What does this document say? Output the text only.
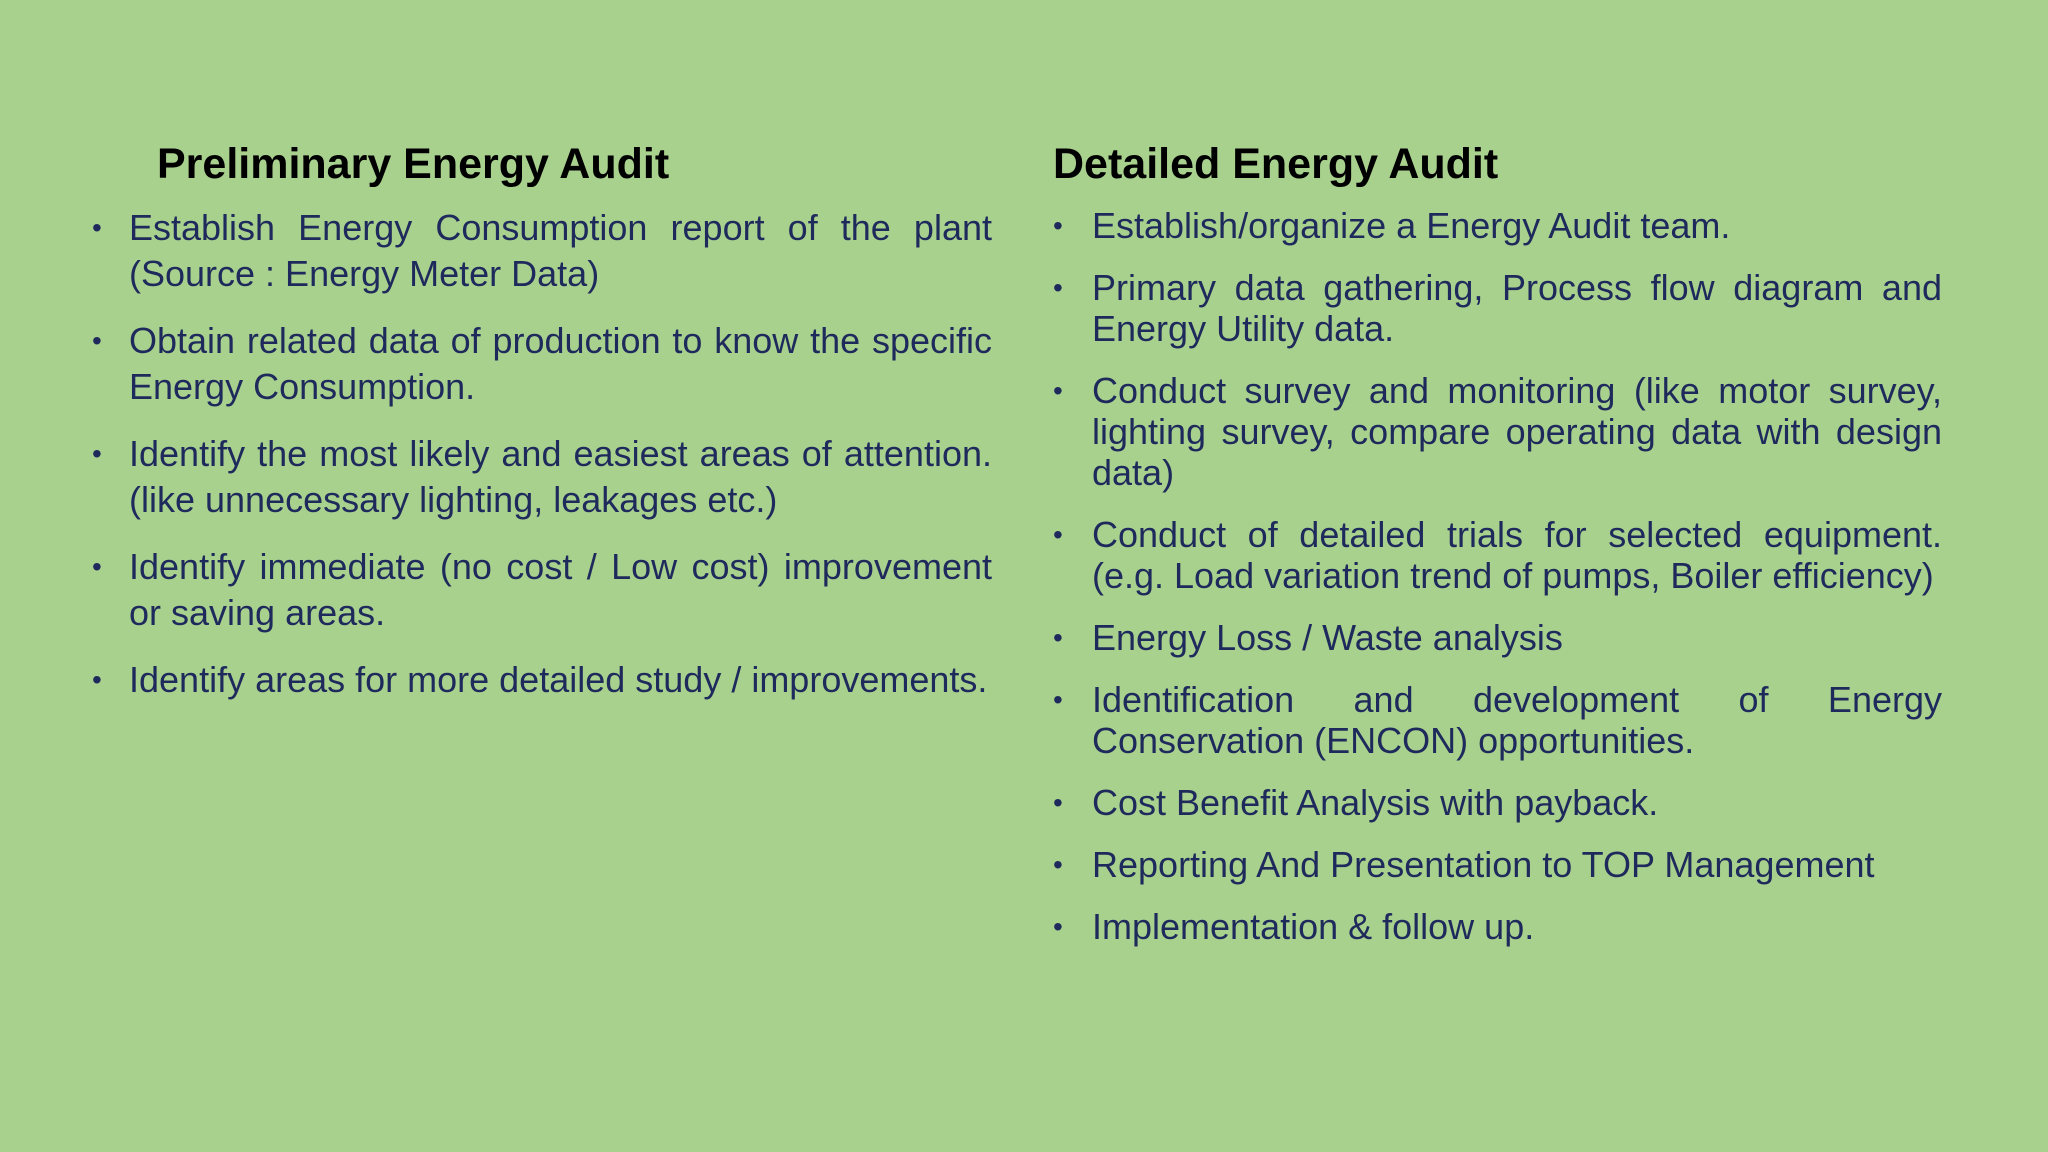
Preliminary Energy Audit
• Establish Energy Consumption report of the plant (Source : Energy Meter Data)
• Obtain related data of production to know the specific Energy Consumption.
• Identify the most likely and easiest areas of attention. (like unnecessary lighting, leakages etc.)
• Identify immediate (no cost / Low cost) improvement or saving areas.
• Identify areas for more detailed study / improvements.
Detailed Energy Audit
• Establish/organize a Energy Audit team.
• Primary data gathering, Process flow diagram and Energy Utility data.
• Conduct survey and monitoring (like motor survey, lighting survey, compare operating data with design data)
• Conduct of detailed trials for selected equipment. (e.g. Load variation trend of pumps, Boiler efficiency)
• Energy Loss / Waste analysis
• Identification and development of Energy Conservation (ENCON) opportunities.
• Cost Benefit Analysis with payback.
• Reporting And Presentation to TOP Management
• Implementation & follow up.
